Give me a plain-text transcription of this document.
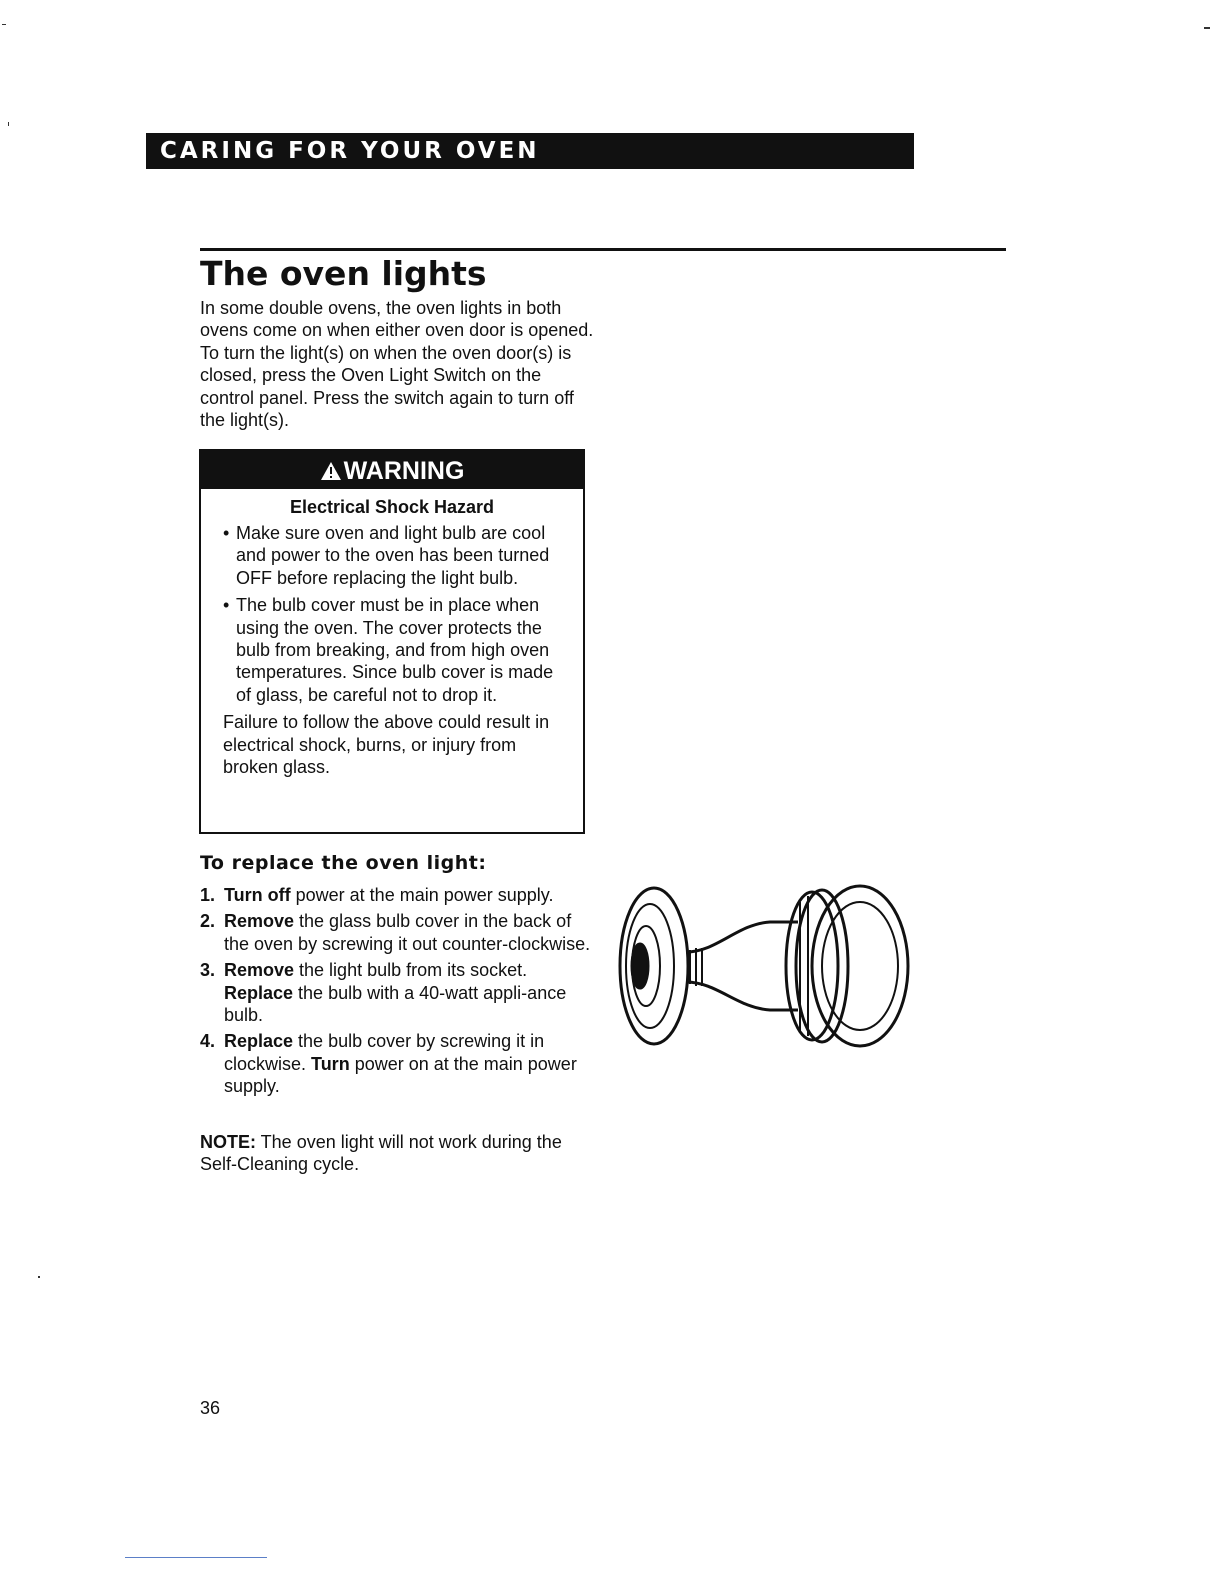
CARING FOR YOUR OVEN
The oven lights
In some double ovens, the oven lights in both ovens come on when either oven door is opened. To turn the light(s) on when the oven door(s) is closed, press the Oven Light Switch on the control panel. Press the switch again to turn off the light(s).
WARNING
Electrical Shock Hazard
• Make sure oven and light bulb are cool and power to the oven has been turned OFF before replacing the light bulb.
• The bulb cover must be in place when using the oven. The cover protects the bulb from breaking, and from high oven temperatures. Since bulb cover is made of glass, be careful not to drop it.

Failure to follow the above could result in electrical shock, burns, or injury from broken glass.

To replace the oven light:
1. Turn off power at the main power supply.
2. Remove the glass bulb cover in the back of the oven by screwing it out counter-clockwise.
3. Remove the light bulb from its socket. Replace the bulb with a 40-watt appli-ance bulb.
4. Replace the bulb cover by screwing it in clockwise. Turn power on at the main power supply.
NOTE: The oven light will not work during the Self-Cleaning cycle.
36
